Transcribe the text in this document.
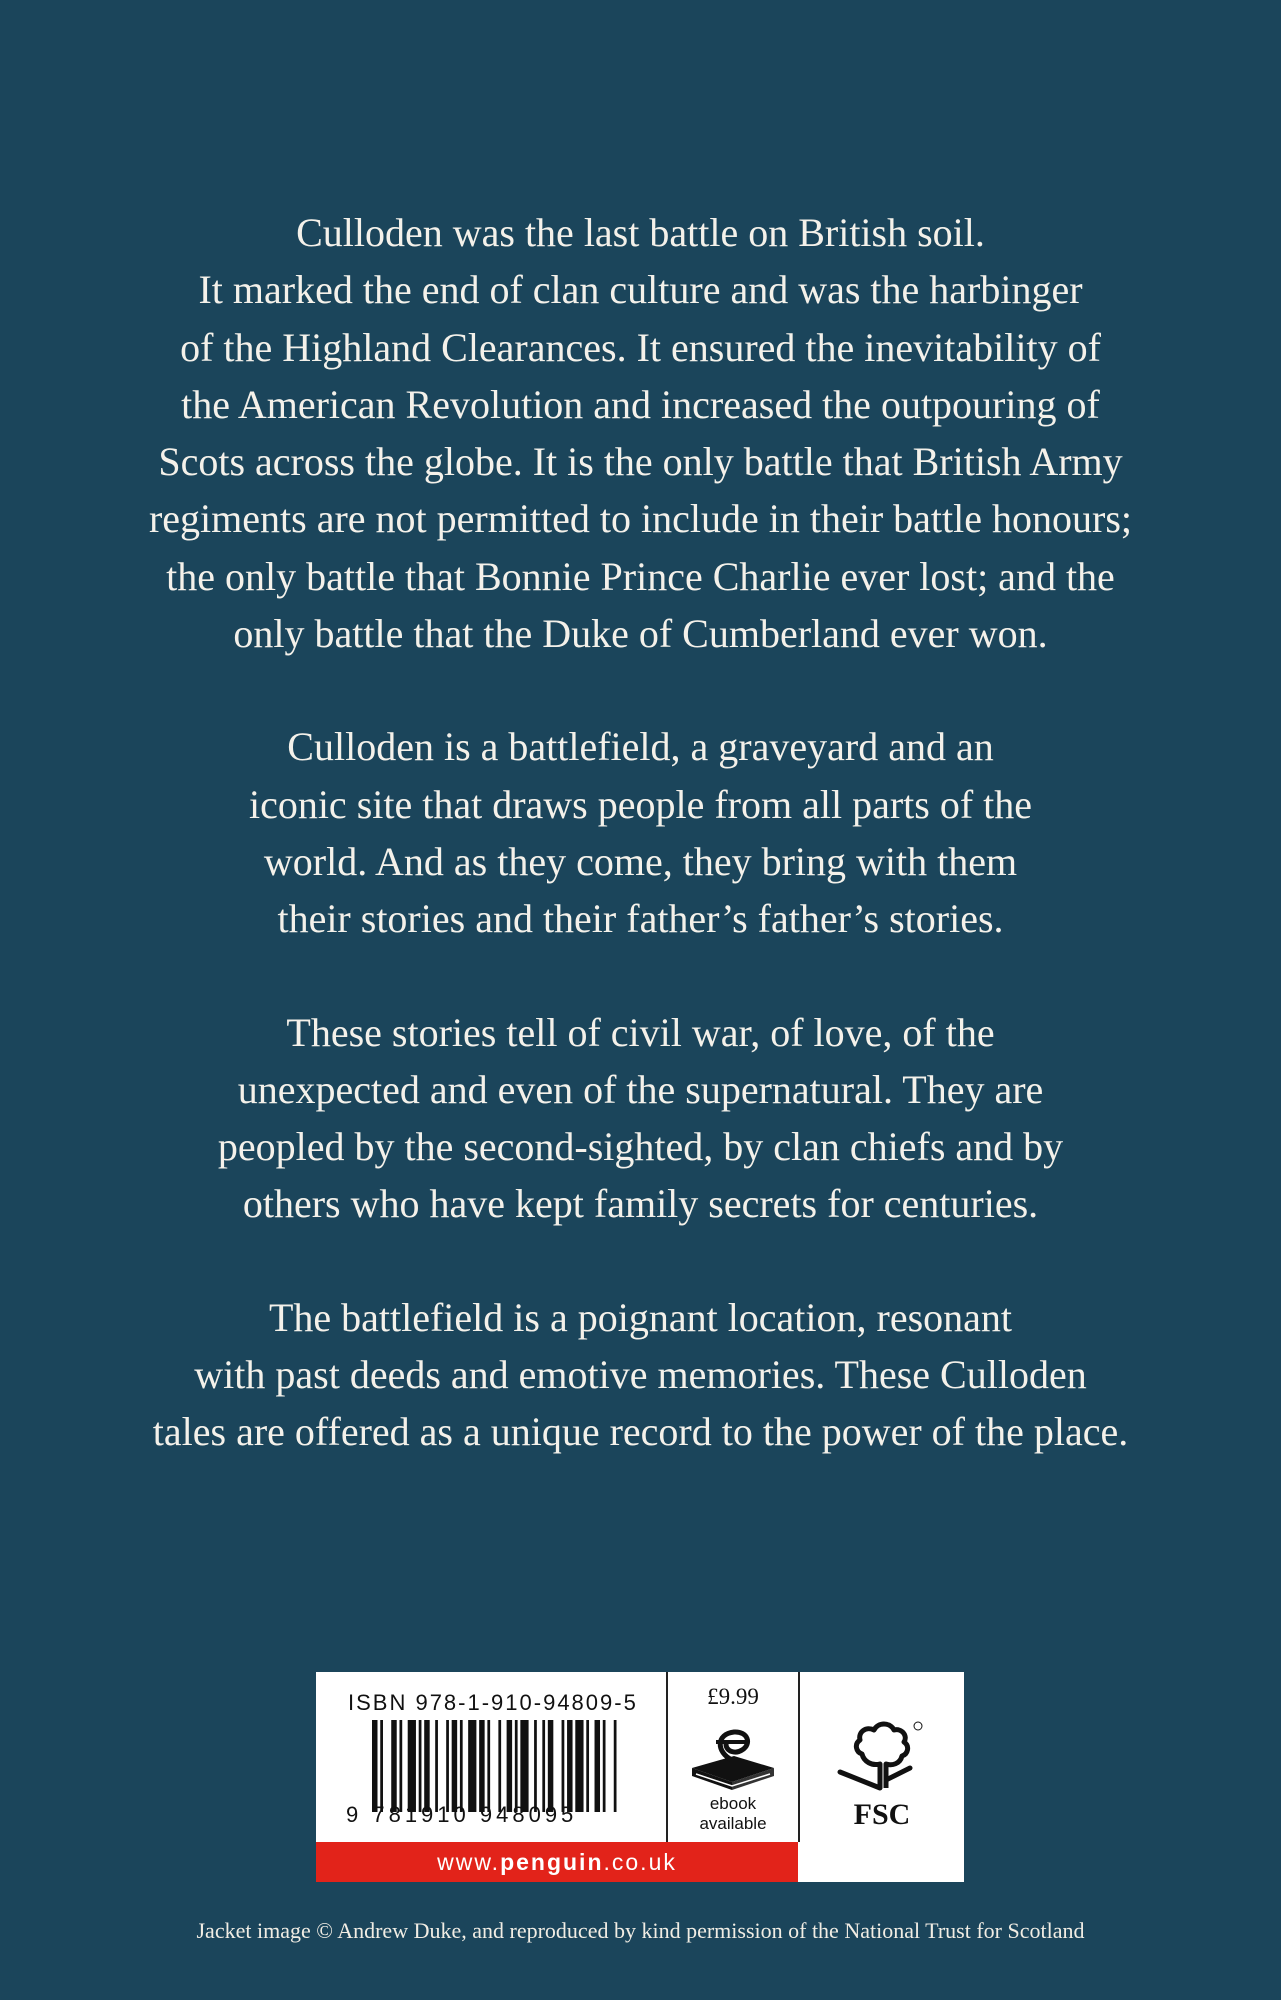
Culloden was the last battle on British soil.
It marked the end of clan culture and was the harbinger
of the Highland Clearances. It ensured the inevitability of
the American Revolution and increased the outpouring of
Scots across the globe. It is the only battle that British Army
regiments are not permitted to include in their battle honours;
the only battle that Bonnie Prince Charlie ever lost; and the
only battle that the Duke of Cumberland ever won.

Culloden is a battlefield, a graveyard and an
iconic site that draws people from all parts of the
world. And as they come, they bring with them
their stories and their father’s father’s stories.

These stories tell of civil war, of love, of the
unexpected and even of the supernatural. They are
peopled by the second-sighted, by clan chiefs and by
others who have kept family secrets for centuries.

The battlefield is a poignant location, resonant
with past deeds and emotive memories. These Culloden
tales are offered as a unique record to the power of the place.

ISBN 978-1-910-94809-5
9 781910 948095
£9.99
ebook
available	FSC
www.penguin.co.uk
Jacket image © Andrew Duke, and reproduced by kind permission of the National Trust for Scotland
